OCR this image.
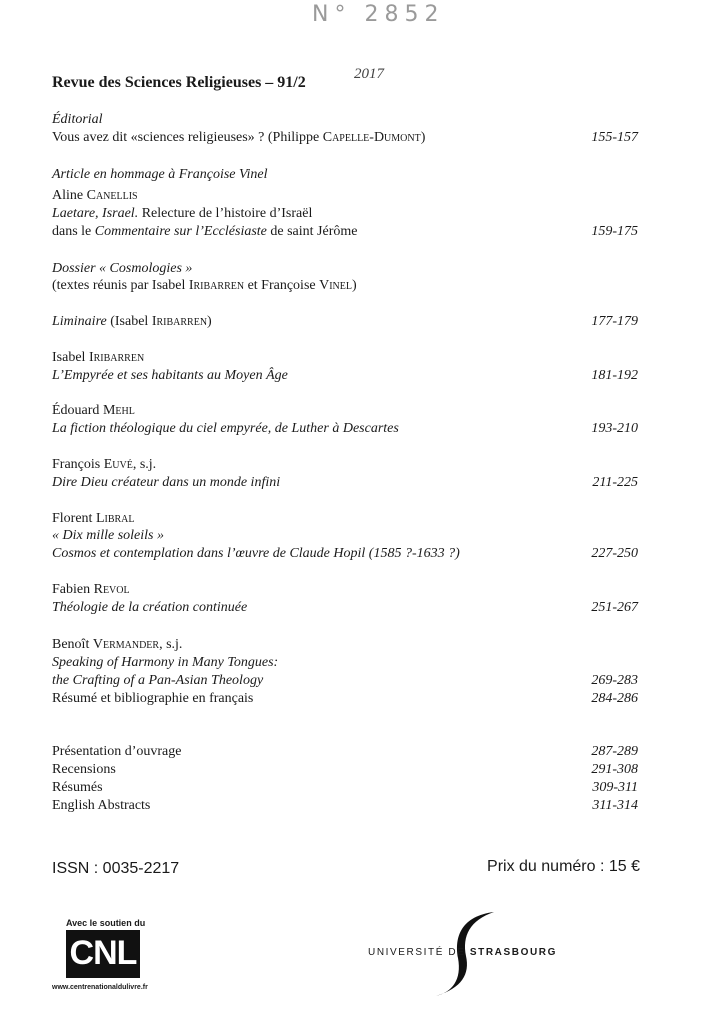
N° 2852
2017
Revue des Sciences Religieuses – 91/2
Éditorial
Vous avez dit «sciences religieuses» ? (Philippe Capelle-Dumont)	155-157
Article en hommage à Françoise Vinel
Aline Canellis
Laetare, Israel. Relecture de l’histoire d’Israël
dans le Commentaire sur l’Ecclésiaste de saint Jérôme	159-175
Dossier « Cosmologies »
(textes réunis par Isabel Iribarren et Françoise Vinel)
Liminaire (Isabel Iribarren)	177-179
Isabel Iribarren
L’Empyrée et ses habitants au Moyen Âge	181-192
Édouard Mehl
La fiction théologique du ciel empyrée, de Luther à Descartes	193-210
François Euvé, s.j.
Dire Dieu créateur dans un monde infini	211-225
Florent Libral
« Dix mille soleils »
Cosmos et contemplation dans l’œuvre de Claude Hopil (1585 ?-1633 ?)	227-250
Fabien Revol
Théologie de la création continuée	251-267
Benoît Vermander, s.j.
Speaking of Harmony in Many Tongues:
the Crafting of a Pan-Asian Theology	269-283
Résumé et bibliographie en français	284-286
Présentation d’ouvrage	287-289
Recensions	291-308
Résumés	309-311
English Abstracts	311-314
ISSN : 0035-2217	Prix du numéro : 15 €
Avec le soutien du
CNL
www.centrenationaldulivre.fr
UNIVERSITÉ DE STRASBOURG
